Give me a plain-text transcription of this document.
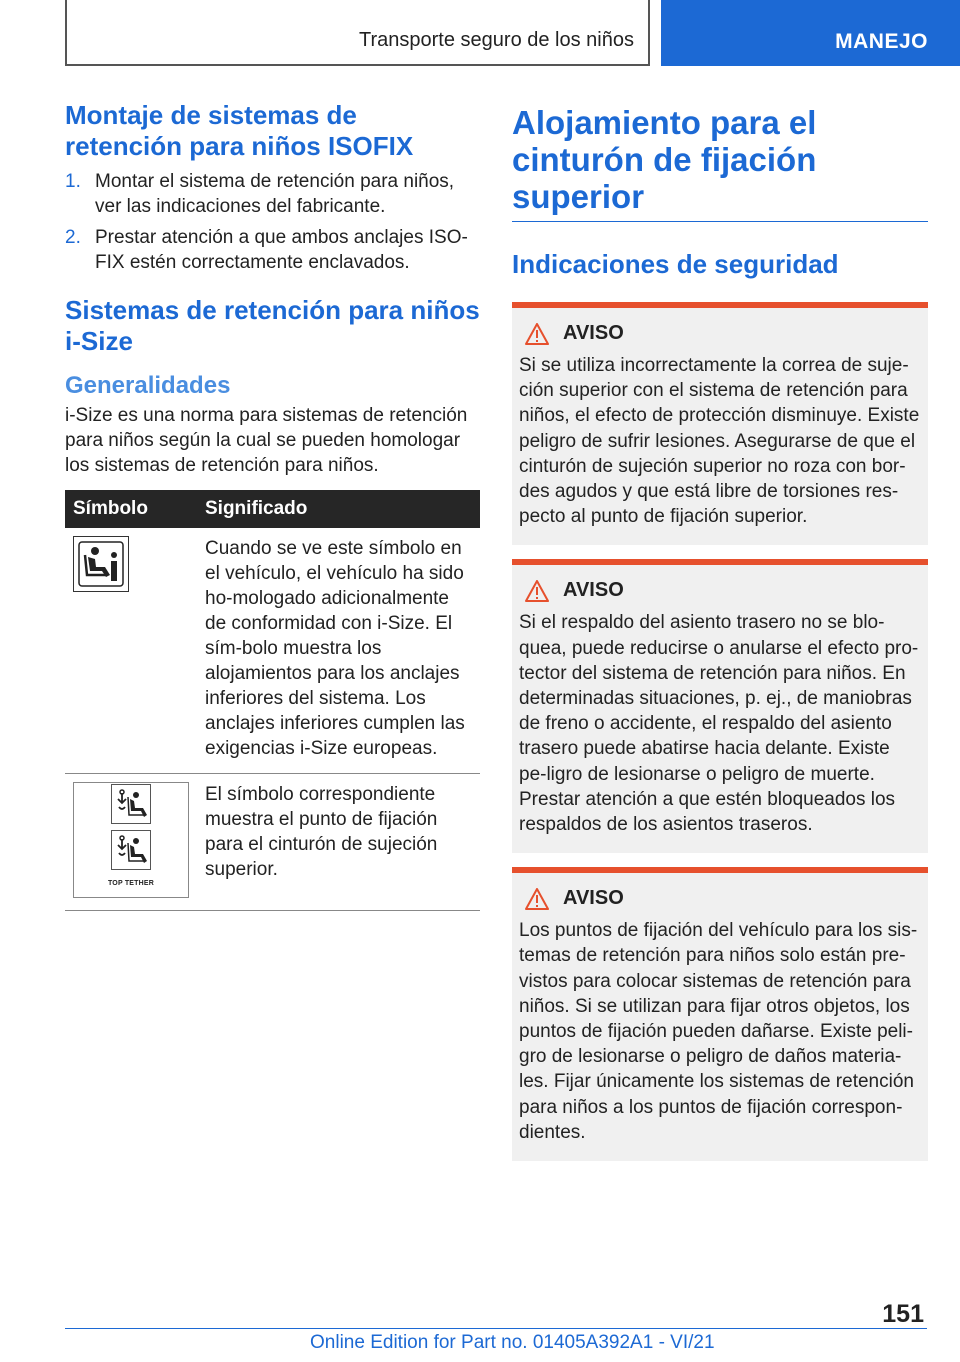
Transporte seguro de los niños	MANEJO
Montaje de sistemas de retención para niños ISOFIX
1. Montar el sistema de retención para niños, ver las indicaciones del fabricante.
2. Prestar atención a que ambos anclajes ISO-FIX estén correctamente enclavados.
Sistemas de retención para niños i-Size
Generalidades

i-Size es una norma para sistemas de retención para niños según la cual se pueden homologar los sistemas de retención para niños.

Símbolo	Significado

	Cuando se ve este símbolo en el vehículo, el vehículo ha sido ho-mologado adicionalmente de conformidad con i-Size. El sím-bolo muestra los alojamientos para los anclajes inferiores del sistema. Los anclajes inferiores cumplen las exigencias i-Size europeas.

TOP TETHER	El símbolo correspondiente muestra el punto de fijación para el cinturón de sujeción superior.
Alojamiento para el cinturón de fijación superior
Indicaciones de seguridad
AVISO

Si se utiliza incorrectamente la correa de suje-ción superior con el sistema de retención para niños, el efecto de protección disminuye. Existe peligro de sufrir lesiones. Asegurarse de que el cinturón de sujeción superior no roza con bor-des agudos y que está libre de torsiones res-pecto al punto de fijación superior.

AVISO

Si el respaldo del asiento trasero no se blo-quea, puede reducirse o anularse el efecto pro-tector del sistema de retención para niños. En determinadas situaciones, p. ej., de maniobras de freno o accidente, el respaldo del asiento trasero puede abatirse hacia delante. Existe pe-ligro de lesionarse o peligro de muerte. Prestar atención a que estén bloqueados los respaldos de los asientos traseros.

AVISO

Los puntos de fijación del vehículo para los sis-temas de retención para niños solo están pre-vistos para colocar sistemas de retención para niños. Si se utilizan para fijar otros objetos, los puntos de fijación pueden dañarse. Existe peli-gro de lesionarse o peligro de daños materia-les. Fijar únicamente los sistemas de retención para niños a los puntos de fijación correspon-dientes.

151
Online Edition for Part no. 01405A392A1 - VI/21
